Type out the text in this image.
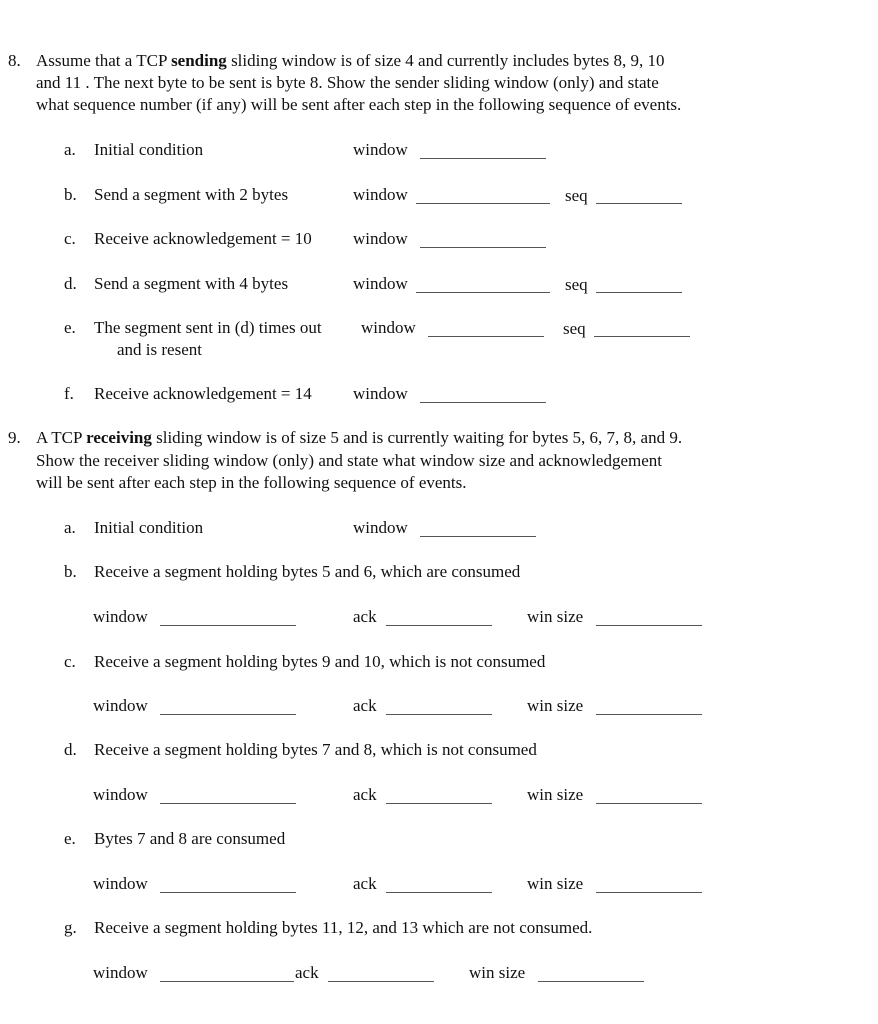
8. Assume that a TCP sending sliding window is of size 4 and currently includes bytes 8, 9, 10
and 11 . The next byte to be sent is byte 8. Show the sender sliding window (only) and state
what sequence number (if any) will be sent after each step in the following sequence of events.
a. Initial condition	window
b. Send a segment with 2 bytes	window	seq
c. Receive acknowledgement = 10 window
d. Send a segment with 4 bytes	window	seq
e. The segment sent in (d) times out
and is resent
window	seq
f. Receive acknowledgement = 14 window
9. A TCP receiving sliding window is of size 5 and is currently waiting for bytes 5, 6, 7, 8, and 9.
Show the receiver sliding window (only) and state what window size and acknowledgement
will be sent after each step in the following sequence of events.
a. Initial condition	window
b. Receive a segment holding bytes 5 and 6, which are consumed
window	ack	win size
c. Receive a segment holding bytes 9 and 10, which is not consumed
window	ack	win size
d. Receive a segment holding bytes 7 and 8, which is not consumed
window	ack	win size
e. Bytes 7 and 8 are consumed
window	ack	win size
g. Receive a segment holding bytes 11, 12, and 13 which are not consumed.
window	ack	win size
